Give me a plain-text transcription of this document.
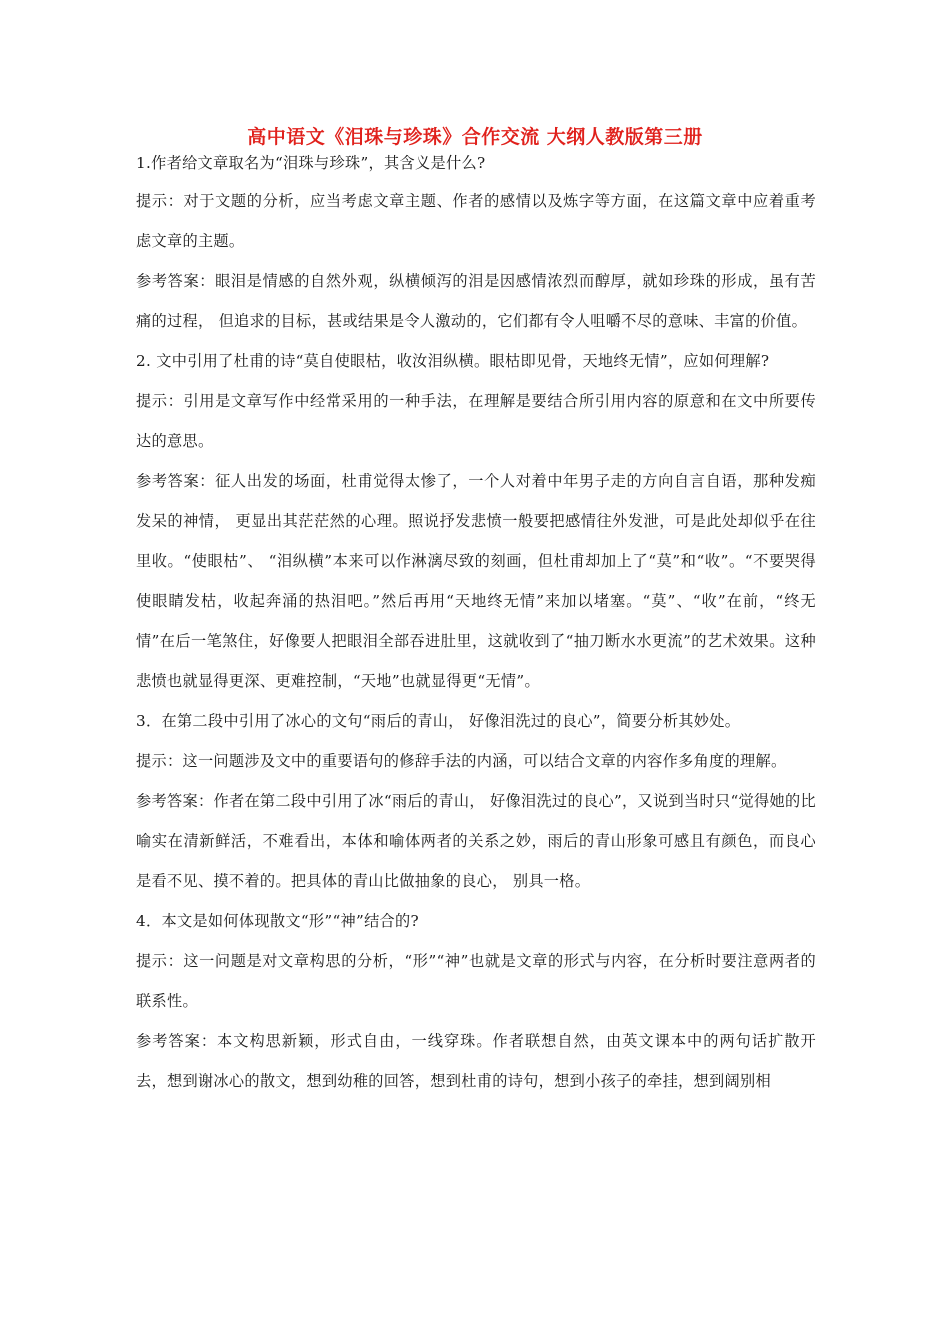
高中语文《泪珠与珍珠》合作交流 大纲人教版第三册

1.作者给文章取名为“泪珠与珍珠”，其含义是什么?

提示：对于文题的分析，应当考虑文章主题、作者的感情以及炼字等方面，在这篇文章中应着重考虑文章的主题。

参考答案：眼泪是情感的自然外观，纵横倾泻的泪是因感情浓烈而醇厚，就如珍珠的形成，虽有苦痛的过程， 但追求的目标，甚或结果是令人激动的，它们都有令人咀嚼不尽的意味、丰富的价值。

2. 文中引用了杜甫的诗“莫自使眼枯，收汝泪纵横。眼枯即见骨，天地终无情”，应如何理解?

提示：引用是文章写作中经常采用的一种手法，在理解是要结合所引用内容的原意和在文中所要传达的意思。

参考答案：征人出发的场面，杜甫觉得太惨了，一个人对着中年男子走的方向自言自语，那种发痴发呆的神情， 更显出其茫茫然的心理。照说抒发悲愤一般要把感情往外发泄，可是此处却似乎在往里收。“使眼枯”、 “泪纵横”本来可以作淋漓尽致的刻画，但杜甫却加上了“莫”和“收”。“不要哭得使眼睛发枯，收起奔涌的热泪吧。”然后再用“天地终无情”来加以堵塞。“莫”、“收”在前，“终无情”在后一笔煞住，好像要人把眼泪全部吞进肚里，这就收到了“抽刀断水水更流”的艺术效果。这种悲愤也就显得更深、更难控制，“天地”也就显得更“无情”。

3．在第二段中引用了冰心的文句“雨后的青山， 好像泪洗过的良心”，简要分析其妙处。

提示：这一问题涉及文中的重要语句的修辞手法的内涵，可以结合文章的内容作多角度的理解。

参考答案：作者在第二段中引用了冰“雨后的青山， 好像泪洗过的良心”，又说到当时只“觉得她的比喻实在清新鲜活，不难看出，本体和喻体两者的关系之妙，雨后的青山形象可感且有颜色，而良心是看不见、摸不着的。把具体的青山比做抽象的良心， 别具一格。

4．本文是如何体现散文“形”“神”结合的?

提示：这一问题是对文章构思的分析，“形”“神”也就是文章的形式与内容，在分析时要注意两者的联系性。

参考答案：本文构思新颖，形式自由，一线穿珠。作者联想自然，由英文课本中的两句话扩散开去，想到谢冰心的散文，想到幼稚的回答，想到杜甫的诗句，想到小孩子的牵挂，想到阔别相
